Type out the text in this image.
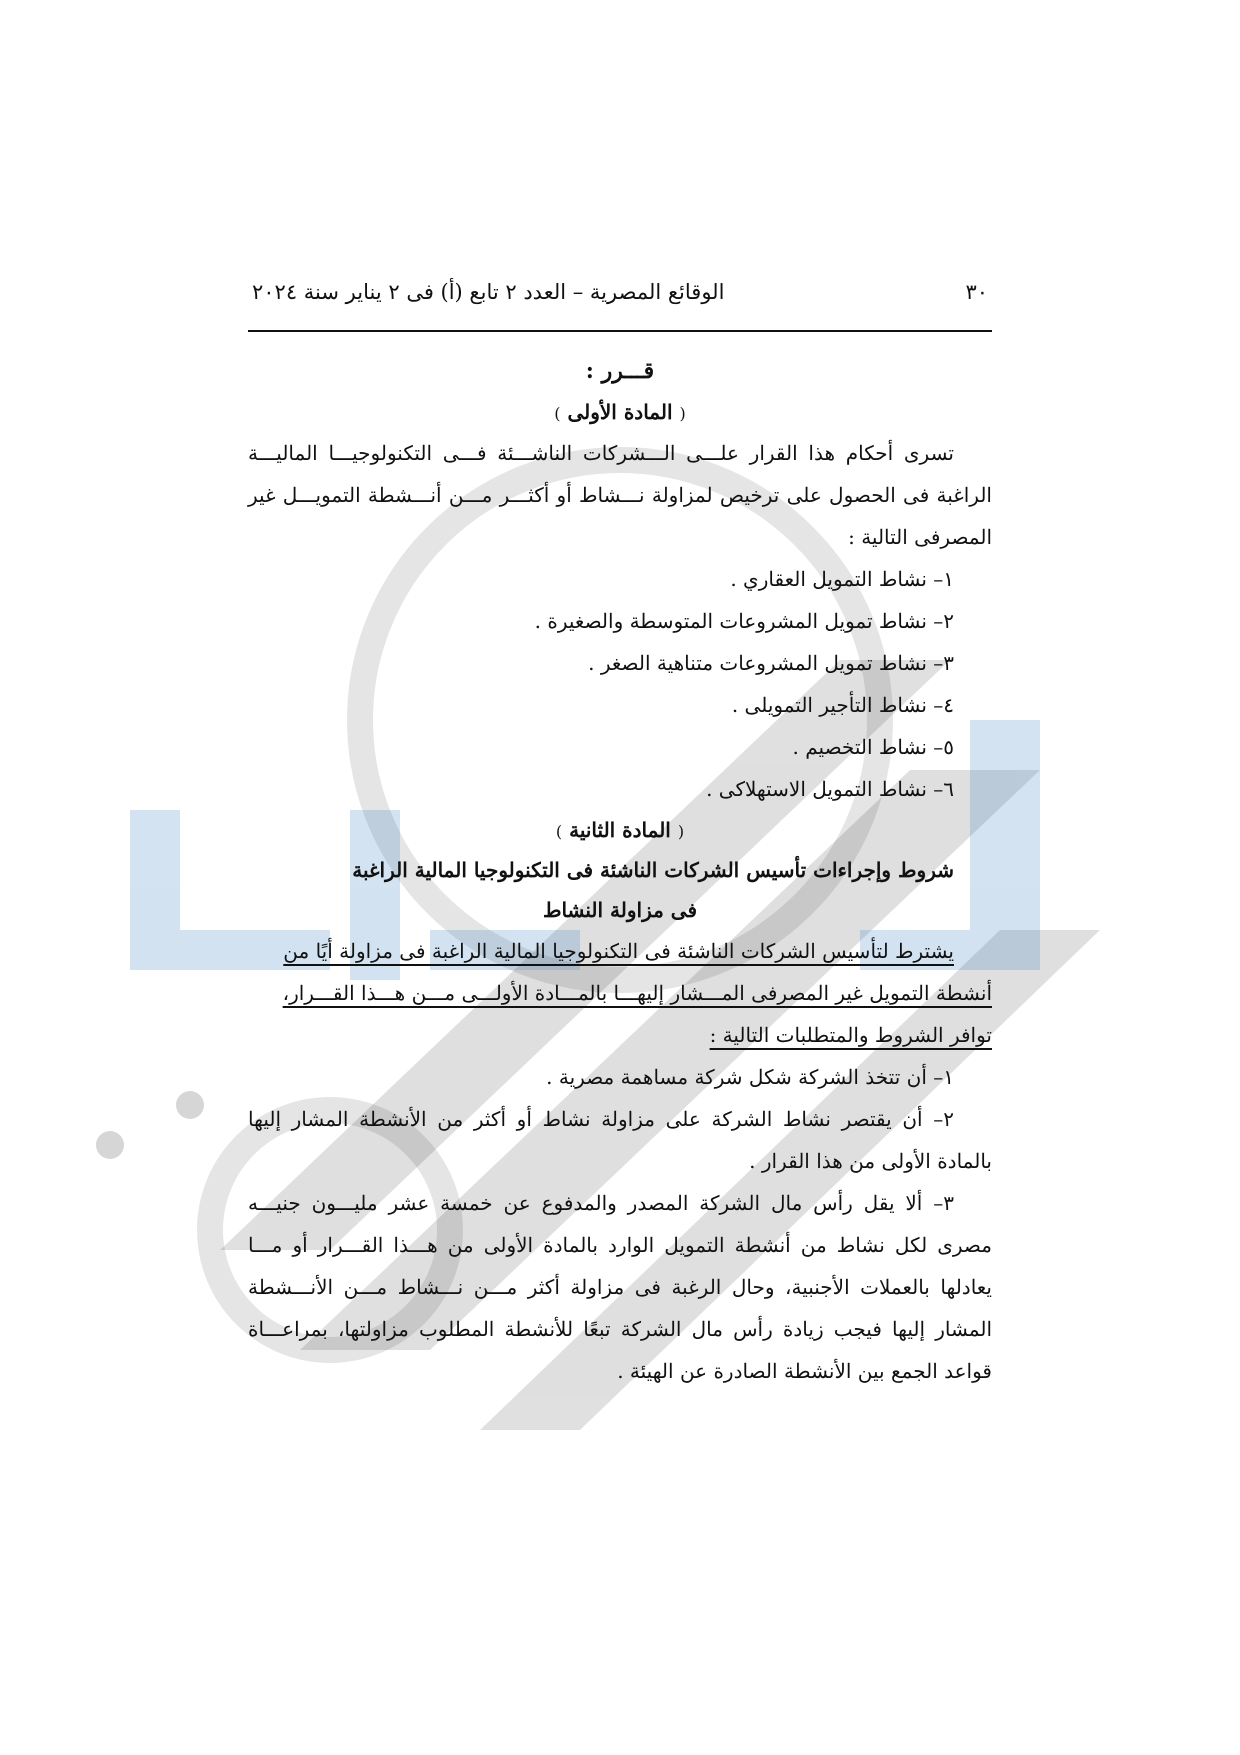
٣٠
الوقائع المصرية – العدد ٢ تابع (أ) فى ٢ يناير سنة ٢٠٢٤
قـــرر :
( المادة الأولى )

تسرى أحكام هذا القرار علـــى الـــشركات الناشـــئة فـــى التكنولوجيـــا الماليـــة الراغبة فى الحصول على ترخيص لمزاولة نـــشاط أو أكثـــر مـــن أنـــشطة التمويـــل غير المصرفى التالية :

١– نشاط التمويل العقاري .
٢– نشاط تمويل المشروعات المتوسطة والصغيرة .
٣– نشاط تمويل المشروعات متناهية الصغر .
٤– نشاط التأجير التمويلى .
٥– نشاط التخصيم .
٦– نشاط التمويل الاستهلاكى .
( المادة الثانية )
شروط وإجراءات تأسيس الشركات الناشئة فى التكنولوجيا المالية الراغبة
فى مزاولة النشاط
يشترط لتأسيس الشركات الناشئة فى التكنولوجيا المالية الراغبة فى مزاولة أيًا من
أنشطة التمويل غير المصرفى المـــشار إليهـــا بالمـــادة الأولـــى مـــن هـــذا القـــرار،
توافر الشروط والمتطلبات التالية :

١– أن تتخذ الشركة شكل شركة مساهمة مصرية .

٢– أن يقتصر نشاط الشركة على مزاولة نشاط أو أكثر من الأنشطة المشار إليها بالمادة الأولى من هذا القرار .

٣– ألا يقل رأس مال الشركة المصدر والمدفوع عن خمسة عشر مليـــون جنيـــه مصرى لكل نشاط من أنشطة التمويل الوارد بالمادة الأولى من هـــذا القـــرار أو مـــا يعادلها بالعملات الأجنبية، وحال الرغبة فى مزاولة أكثر مـــن نـــشاط مـــن الأنـــشطة المشار إليها فيجب زيادة رأس مال الشركة تبعًا للأنشطة المطلوب مزاولتها، بمراعـــاة قواعد الجمع بين الأنشطة الصادرة عن الهيئة .
